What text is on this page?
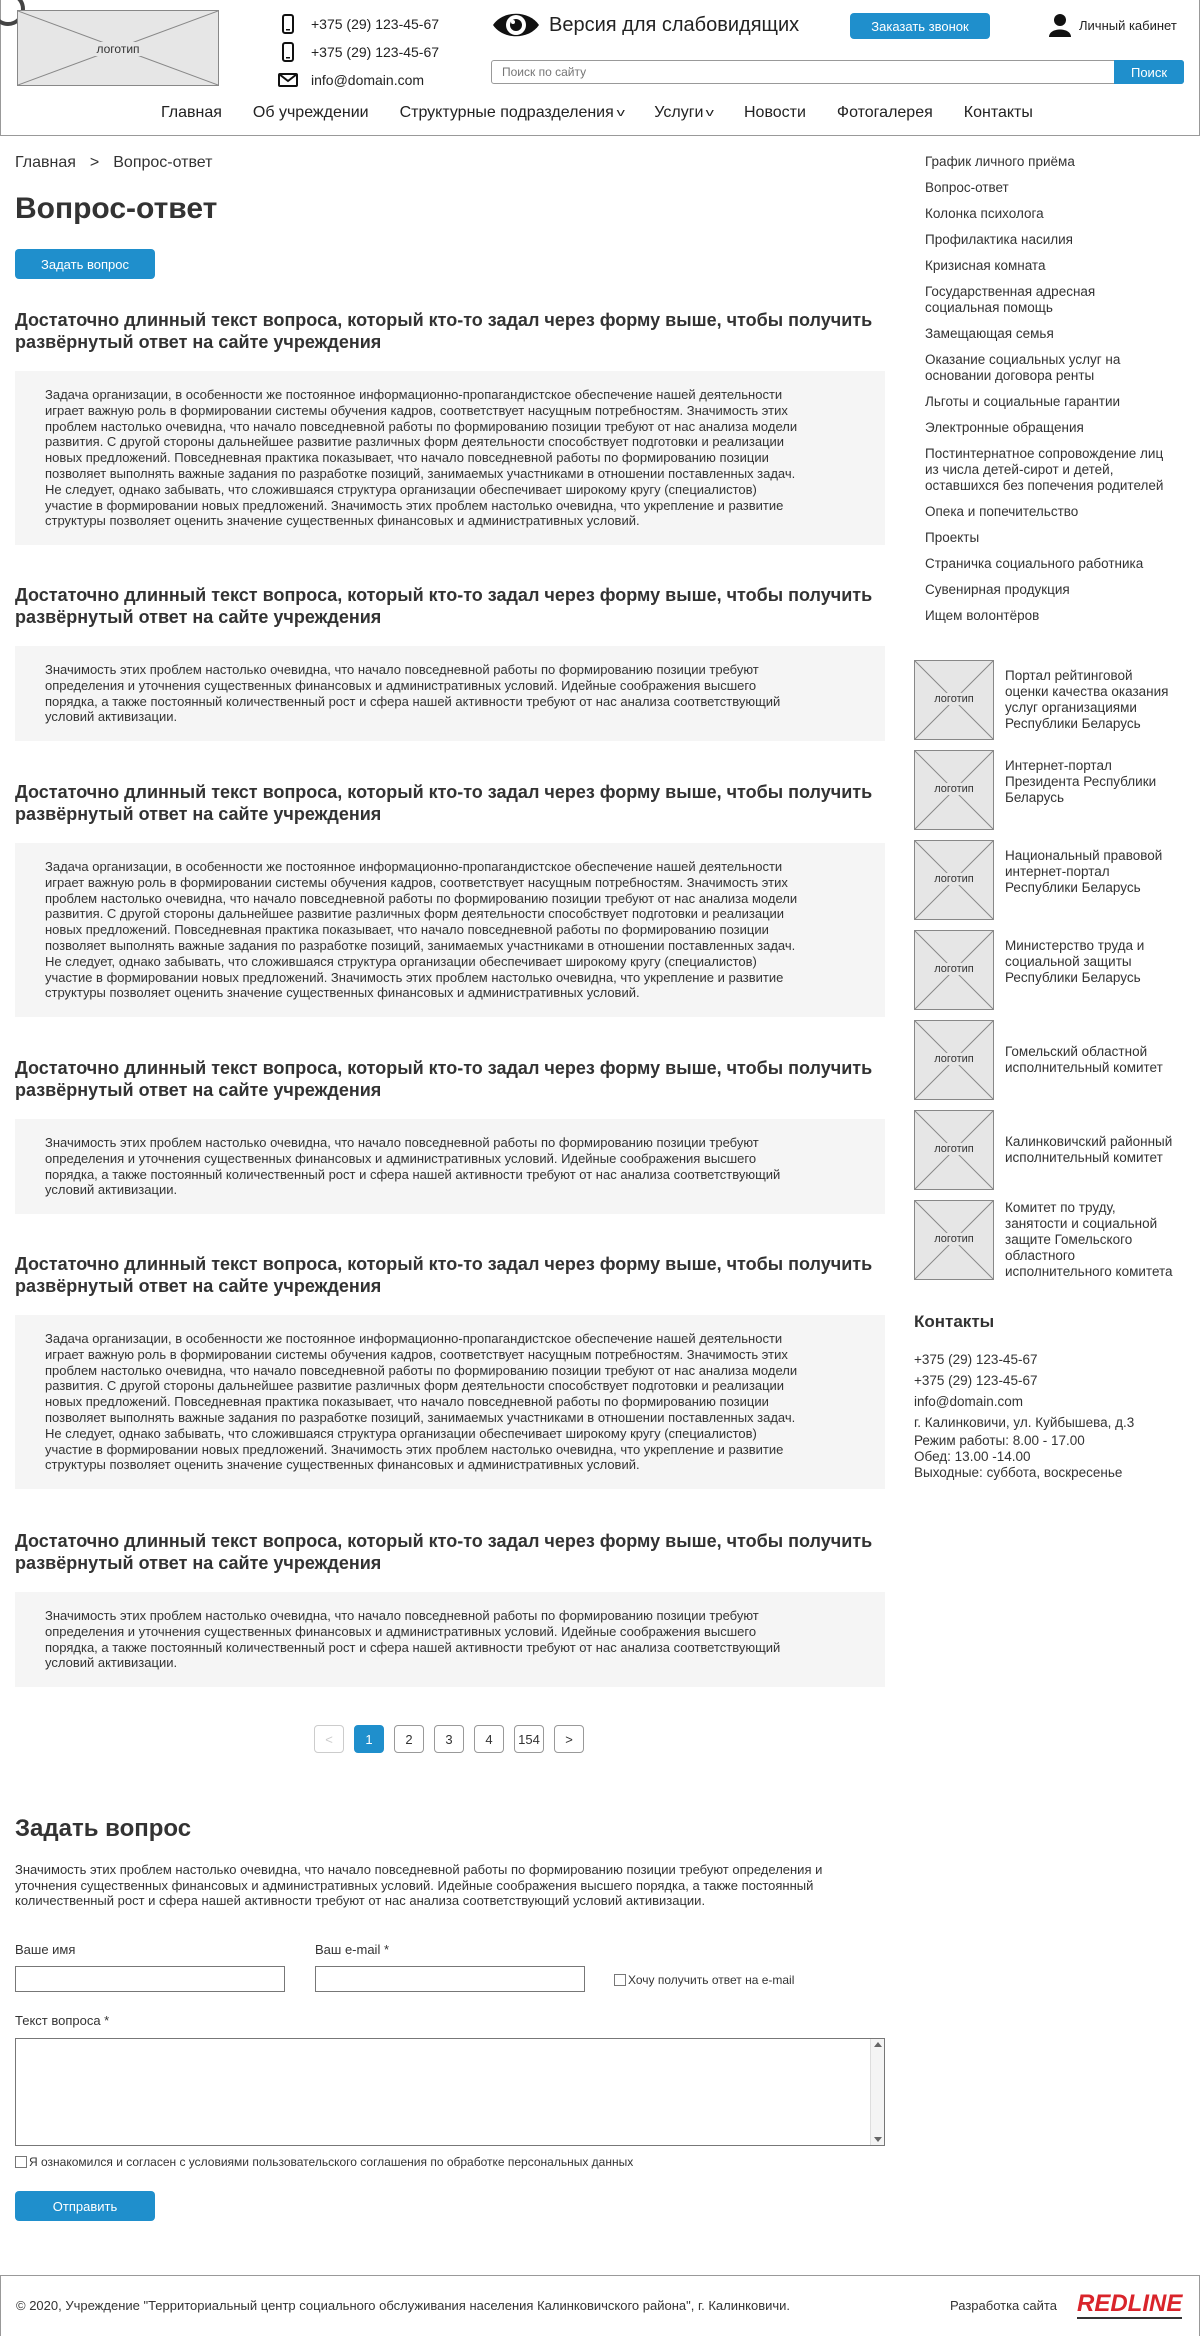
логотип
+375 (29) 123-45-67
+375 (29) 123-45-67
info@domain.com
Версия для слабовидящих	Заказать звонок	Личный кабинет
Поиск по сайту
Поиск
Главная Об учреждении Структурные подразделения v Услуги v Новости Фотогалерея Контакты
Главная > Вопрос-ответ
Вопрос-ответ
Задать вопрос
Достаточно длинный текст вопроса, который кто-то задал через форму выше, чтобы получить развёрнутый ответ на сайте учреждения
Задача организации, в особенности же постоянное информационно-пропагандистское обеспечение нашей деятельности
играет важную роль в формировании системы обучения кадров, соответствует насущным потребностям. Значимость этих
проблем настолько очевидна, что начало повседневной работы по формированию позиции требуют от нас анализа модели
развития. С другой стороны дальнейшее развитие различных форм деятельности способствует подготовки и реализации
новых предложений. Повседневная практика показывает, что начало повседневной работы по формированию позиции
позволяет выполнять важные задания по разработке позиций, занимаемых участниками в отношении поставленных задач.
Не следует, однако забывать, что сложившаяся структура организации обеспечивает широкому кругу (специалистов)
участие в формировании новых предложений. Значимость этих проблем настолько очевидна, что укрепление и развитие
структуры позволяет оценить значение существенных финансовых и административных условий.
Достаточно длинный текст вопроса, который кто-то задал через форму выше, чтобы получить развёрнутый ответ на сайте учреждения
Значимость этих проблем настолько очевидна, что начало повседневной работы по формированию позиции требуют
определения и уточнения существенных финансовых и административных условий. Идейные соображения высшего
порядка, а также постоянный количественный рост и сфера нашей активности требуют от нас анализа соответствующий
условий активизации.
Достаточно длинный текст вопроса, который кто-то задал через форму выше, чтобы получить развёрнутый ответ на сайте учреждения
Задача организации, в особенности же постоянное информационно-пропагандистское обеспечение нашей деятельности
играет важную роль в формировании системы обучения кадров, соответствует насущным потребностям. Значимость этих
проблем настолько очевидна, что начало повседневной работы по формированию позиции требуют от нас анализа модели
развития. С другой стороны дальнейшее развитие различных форм деятельности способствует подготовки и реализации
новых предложений. Повседневная практика показывает, что начало повседневной работы по формированию позиции
позволяет выполнять важные задания по разработке позиций, занимаемых участниками в отношении поставленных задач.
Не следует, однако забывать, что сложившаяся структура организации обеспечивает широкому кругу (специалистов)
участие в формировании новых предложений. Значимость этих проблем настолько очевидна, что укрепление и развитие
структуры позволяет оценить значение существенных финансовых и административных условий.
Достаточно длинный текст вопроса, который кто-то задал через форму выше, чтобы получить развёрнутый ответ на сайте учреждения
Значимость этих проблем настолько очевидна, что начало повседневной работы по формированию позиции требуют
определения и уточнения существенных финансовых и административных условий. Идейные соображения высшего
порядка, а также постоянный количественный рост и сфера нашей активности требуют от нас анализа соответствующий
условий активизации.
Достаточно длинный текст вопроса, который кто-то задал через форму выше, чтобы получить развёрнутый ответ на сайте учреждения
Задача организации, в особенности же постоянное информационно-пропагандистское обеспечение нашей деятельности
играет важную роль в формировании системы обучения кадров, соответствует насущным потребностям. Значимость этих
проблем настолько очевидна, что начало повседневной работы по формированию позиции требуют от нас анализа модели
развития. С другой стороны дальнейшее развитие различных форм деятельности способствует подготовки и реализации
новых предложений. Повседневная практика показывает, что начало повседневной работы по формированию позиции
позволяет выполнять важные задания по разработке позиций, занимаемых участниками в отношении поставленных задач.
Не следует, однако забывать, что сложившаяся структура организации обеспечивает широкому кругу (специалистов)
участие в формировании новых предложений. Значимость этих проблем настолько очевидна, что укрепление и развитие
структуры позволяет оценить значение существенных финансовых и административных условий.
Достаточно длинный текст вопроса, который кто-то задал через форму выше, чтобы получить развёрнутый ответ на сайте учреждения
Значимость этих проблем настолько очевидна, что начало повседневной работы по формированию позиции требуют
определения и уточнения существенных финансовых и административных условий. Идейные соображения высшего
порядка, а также постоянный количественный рост и сфера нашей активности требуют от нас анализа соответствующий
условий активизации.
<	1	2	3	4	154	>
Задать вопрос
Значимость этих проблем настолько очевидна, что начало повседневной работы по формированию позиции требуют определения и
уточнения существенных финансовых и административных условий. Идейные соображения высшего порядка, а также постоянный
количественный рост и сфера нашей активности требуют от нас анализа соответствующий условий активизации.
Ваше имя	Ваш e-mail *
Хочу получить ответ на e-mail
Текст вопроса *
Я ознакомился и согласен с условиями пользовательского соглашения по обработке персональных данных
Отправить
График личного приёма
Вопрос-ответ
Колонка психолога
Профилактика насилия
Кризисная комната
Государственная адресная
социальная помощь
Замещающая семья
Оказание социальных услуг на
основании договора ренты
Льготы и социальные гарантии
Электронные обращения
Постинтернатное сопровождение лиц
из числа детей-сирот и детей,
оставшихся без попечения родителей
Опека и попечительство
Проекты
Страничка социального работника
Сувенирная продукция
Ищем волонтёров
логотип
Портал рейтинговой
оценки качества оказания
услуг организациями
Республики Беларусь
логотип
Интернет-портал
Президента Республики
Беларусь
логотип
Национальный правовой
интернет-портал
Республики Беларусь
логотип
Министерство труда и
социальной защиты
Республики Беларусь
логотип	Гомельский областной
исполнительный комитет
логотип	Калинковичский районный
исполнительный комитет
логотип
Комитет по труду,
занятости и социальной
защите Гомельского
областного
исполнительного комитета
Контакты
+375 (29) 123-45-67
+375 (29) 123-45-67
info@domain.com
г. Калинковичи, ул. Куйбышева, д.3
Режим работы: 8.00 - 17.00
Обед: 13.00 -14.00
Выходные: суббота, воскресенье
© 2020, Учреждение "Территориальный центр социального обслуживания населения Калинковичского района", г. Калинковичи.	Разработка сайта REDLINE
